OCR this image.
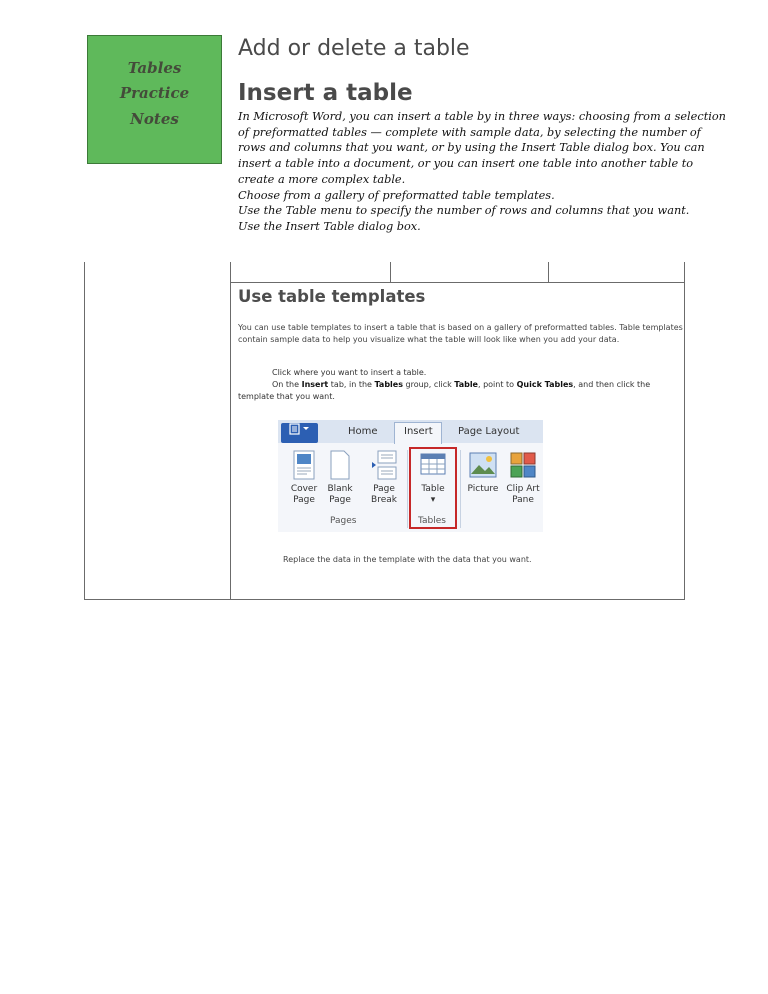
Tables
Practice
Notes
Add or delete a table
Insert a table
In Microsoft Word, you can insert a table by in three ways: choosing from a selection
of preformatted tables — complete with sample data, by selecting the number of
rows and columns that you want, or by using the Insert Table dialog box. You can
insert a table into a document, or you can insert one table into another table to
create a more complex table.
Choose from a gallery of preformatted table templates.
Use the Table menu to specify the number of rows and columns that you want.
Use the Insert Table dialog box.
Use table templates
You can use table templates to insert a table that is based on a gallery of preformatted tables. Table templates contain sample data to help you visualize what the table will look like when you add your data.
Click where you want to insert a table.
On the Insert tab, in the Tables group, click Table, point to Quick Tables, and then click the template that you want.
Home	Insert	Page Layout
Cover
Page
Blank
Page
Page
Break
Table
▾
Picture Clip Art
Pane
Pages	Tables
Replace the data in the template with the data that you want.
